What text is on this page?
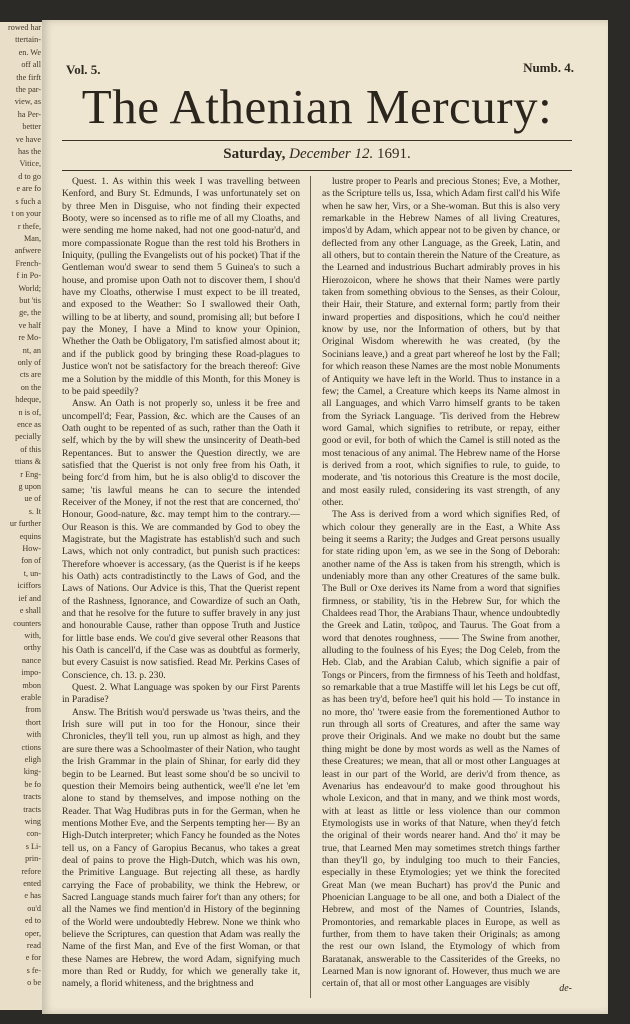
rowed har
ttertain-
en. We
off all
the firft
the par-
view, as
ha Per-
better
ve have
has the
Vitice,
d to go
e are fo
s fuch a
t on your
r thefe,
Man,
anfwere
French-
f in Po-
World;
but 'tis
ge, the
ve half
re Mo-
nt, an
only of
cts are
on the
hdeque,
n is of,
ence as
pecially
of this
ttians &
r Eng-
g upon
ue of
s. It
ur further
equins
How-
fon of
t, un-
iciffors
ief and
e shall
counters
with,
orthy
nance
impo-
mbon
erable
from
thort
with
ctions
eligh
king-
be fo
tracts
tracts
wing
con-
s Li-
prin-
refore
ented
e has
ou'd
ed to
oper,
read
e for
s fe-
o be
Vol. 5.	Numb. 4.
The Athenian Mercury:
Saturday, December 12. 1691.

Quest. 1. As within this week I was travelling between Kenford, and Bury St. Edmunds, I was unfortunately set on by three Men in Disguise, who not finding their expected Booty, were so incensed as to rifle me of all my Cloaths, and were sending me home naked, had not one good-natur'd, and more compassionate Rogue than the rest told his Brothers in Iniquity, (pulling the Evangelists out of his pocket) That if the Gentleman wou'd swear to send them 5 Guinea's to such a house, and promise upon Oath not to discover them, I shou'd have my Cloaths, otherwise I must expect to be ill treated, and exposed to the Weather: So I swallowed their Oath, willing to be at liberty, and sound, promising all; but before I pay the Money, I have a Mind to know your Opinion, Whether the Oath be Obligatory, I'm satisfied almost about it; and if the publick good by bringing these Road-plagues to Justice won't not be satisfactory for the breach thereof: Give me a Solution by the middle of this Month, for this Money is to be paid speedily?

Answ. An Oath is not properly so, unless it be free and uncompell'd; Fear, Passion, &c. which are the Causes of an Oath ought to be repented of as such, rather than the Oath it self, which by the by will shew the unsincerity of Death-bed Repentances. But to answer the Question directly, we are satisfied that the Querist is not only free from his Oath, it being forc'd from him, but he is also oblig'd to discover the same; 'tis lawful means he can to secure the intended Receiver of the Money, if not the rest that are concerned, tho' Honour, Good-nature, &c. may tempt him to the contrary.— Our Reason is this. We are commanded by God to obey the Magistrate, but the Magistrate has establish'd such and such Laws, which not only contradict, but punish such practices: Therefore whoever is accessary, (as the Querist is if he keeps his Oath) acts contradistinctly to the Laws of God, and the Laws of Nations. Our Advice is this, That the Querist repent of the Rashness, Ignorance, and Cowardize of such an Oath, and that he resolve for the future to suffer bravely in any just and honourable Cause, rather than oppose Truth and Justice for little base ends. We cou'd give several other Reasons that his Oath is cancell'd, if the Case was as doubtful as formerly, but every Casuist is now satisfied. Read Mr. Perkins Cases of Conscience, ch. 13. p. 230.

Quest. 2. What Language was spoken by our First Parents in Paradise?

Answ. The British wou'd perswade us 'twas theirs, and the Irish sure will put in too for the Honour, since their Chronicles, they'll tell you, run up almost as high, and they are sure there was a Schoolmaster of their Nation, who taught the Irish Grammar in the plain of Shinar, for early did they begin to be Learned. But least some shou'd be so uncivil to question their Memoirs being authentick, wee'll e'ne let 'em alone to stand by themselves, and impose nothing on the Reader. That Wag Hudibras puts in for the German, when he mentions Mother Eve, and the Serpents tempting her— By an High-Dutch interpreter; which Fancy he founded as the Notes tell us, on a Fancy of Garopius Becanus, who takes a great deal of pains to prove the High-Dutch, which was his own, the Primitive Language. But rejecting all these, as hardly carrying the Face of probability, we think the Hebrew, or Sacred Language stands much fairer for't than any others; for all the Names we find mention'd in History of the beginning of the World were undoubtedly Hebrew. None we think who believe the Scriptures, can question that Adam was really the Name of the first Man, and Eve of the first Woman, or that these Names are Hebrew, the word Adam, signifying much more than Red or Ruddy, for which we generally take it, namely, a florid whiteness, and the brightness and

lustre proper to Pearls and precious Stones; Eve, a Mother, as the Scripture tells us, Issa, which Adam first call'd his Wife when he saw her, Virs, or a She-woman. But this is also very remarkable in the Hebrew Names of all living Creatures, impos'd by Adam, which appear not to be given by chance, or deflected from any other Language, as the Greek, Latin, and all others, but to contain therein the Nature of the Creature, as the Learned and industrious Buchart admirably proves in his Hierozoicon, where he shows that their Names were partly taken from something obvious to the Senses, as their Colour, their Hair, their Stature, and external form; partly from their inward properties and dispositions, which he cou'd neither know by use, nor the Information of others, but by that Original Wisdom wherewith he was created, (by the Socinians leave,) and a great part whereof he lost by the Fall; for which reason these Names are the most noble Monuments of Antiquity we have left in the World. Thus to instance in a few; the Camel, a Creature which keeps its Name almost in all Languages, and which Varro himself grants to be taken from the Syriack Language. 'Tis derived from the Hebrew word Gamal, which signifies to retribute, or repay, either good or evil, for both of which the Camel is still noted as the most tenacious of any animal. The Hebrew name of the Horse is derived from a root, which signifies to rule, to guide, to moderate, and 'tis notorious this Creature is the most docile, and most easily ruled, considering its vast strength, of any other.

The Ass is derived from a word which signifies Red, of which colour they generally are in the East, a White Ass being it seems a Rarity; the Judges and Great persons usually for state riding upon 'em, as we see in the Song of Deborah: another name of the Ass is taken from his strength, which is undeniably more than any other Creatures of the same bulk. The Bull or Oxe derives its Name from a word that signifies firmness, or stability, 'tis in the Hebrew Sur, for which the Chaldees read Thor, the Arabians Thaur, whence undoubtedly the Greek and Latin, ταῦρος, and Taurus. The Goat from a word that denotes roughness, —— The Swine from another, alluding to the foulness of his Eyes; the Dog Celeb, from the Heb. Clab, and the Arabian Calub, which signifie a pair of Tongs or Pincers, from the firmness of his Teeth and holdfast, so remarkable that a true Mastiffe will let his Legs be cut off, as has been try'd, before hee'l quit his hold — To instance in no more, tho' 'twere easie from the forementioned Author to run through all sorts of Creatures, and after the same way prove their Originals. And we make no doubt but the same thing might be done by most words as well as the Names of these Creatures; we mean, that all or most other Languages at least in our part of the World, are deriv'd from thence, as Avenarius has endeavour'd to make good throughout his whole Lexicon, and that in many, and we think most words, with at least as little or less violence than our common Etymologists use in works of that Nature, when they'd fetch the original of their words nearer hand. And tho' it may be true, that Learned Men may sometimes stretch things farther than they'll go, by indulging too much to their Fancies, especially in these Etymologies; yet we think the forecited Great Man (we mean Buchart) has prov'd the Punic and Phoenician Language to be all one, and both a Dialect of the Hebrew, and most of the Names of Countries, Islands, Promontories, and remarkable places in Europe, as well as further, from them to have taken their Originals; as among the rest our own Island, the Etymology of which from Baratanak, answerable to the Cassiterides of the Greeks, no Learned Man is now ignorant of. However, thus much we are certain of, that all or most other Languages are visibly	de-
